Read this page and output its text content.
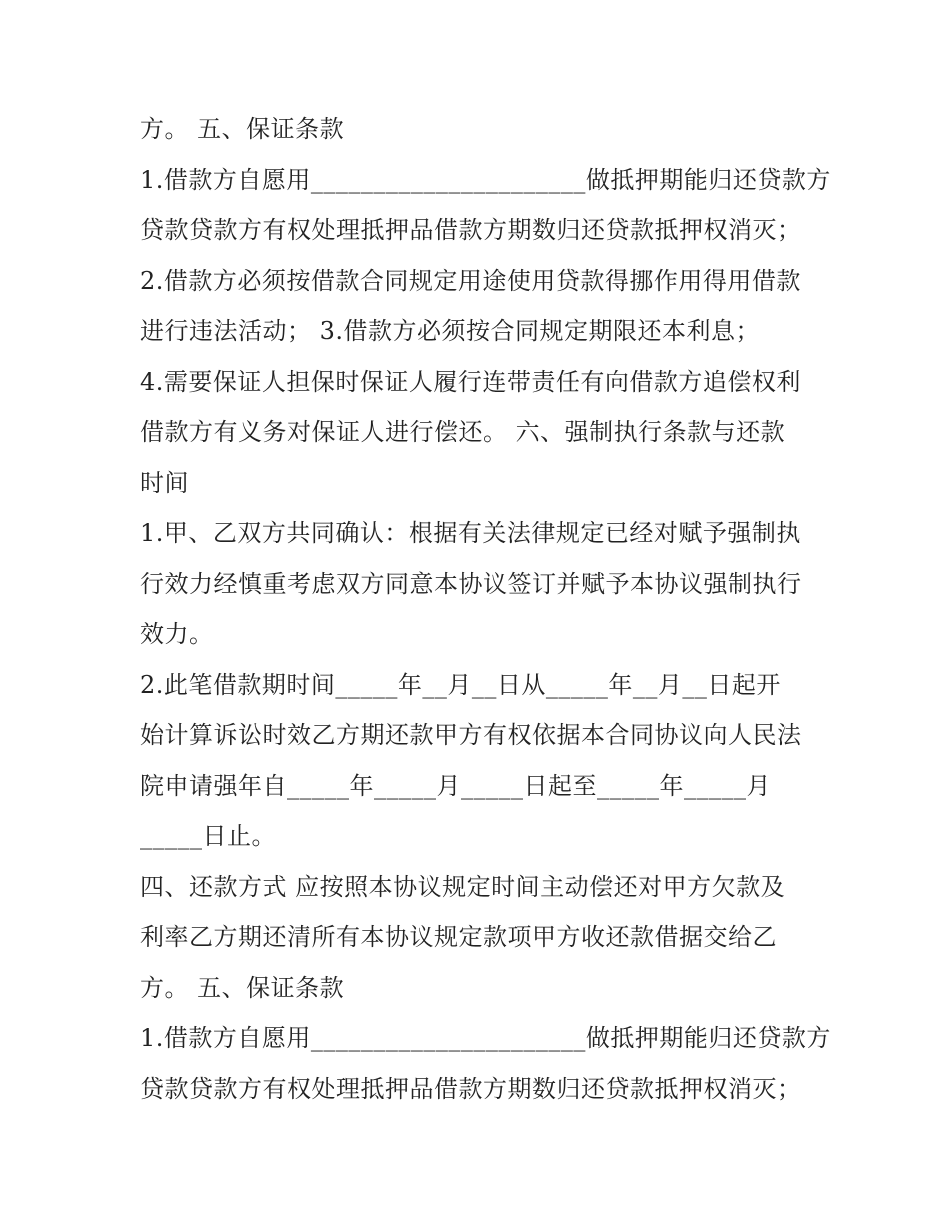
方。 五、保证条款
1.借款方自愿用______________________做抵押期能归还贷款方
贷款贷款方有权处理抵押品借款方期数归还贷款抵押权消灭；
2.借款方必须按借款合同规定用途使用贷款得挪作用得用借款
进行违法活动； 3.借款方必须按合同规定期限还本利息；
4.需要保证人担保时保证人履行连带责任有向借款方追偿权利
借款方有义务对保证人进行偿还。 六、强制执行条款与还款
时间
1.甲、乙双方共同确认：根据有关法律规定已经对赋予强制执
行效力经慎重考虑双方同意本协议签订并赋予本协议强制执行
效力。
2.此笔借款期时间_____年__月__日从_____年__月__日起开
始计算诉讼时效乙方期还款甲方有权依据本合同协议向人民法
院申请强年自_____年_____月_____日起至_____年_____月
_____日止。
四、还款方式 应按照本协议规定时间主动偿还对甲方欠款及
利率乙方期还清所有本协议规定款项甲方收还款借据交给乙
方。 五、保证条款
1.借款方自愿用______________________做抵押期能归还贷款方
贷款贷款方有权处理抵押品借款方期数归还贷款抵押权消灭；
